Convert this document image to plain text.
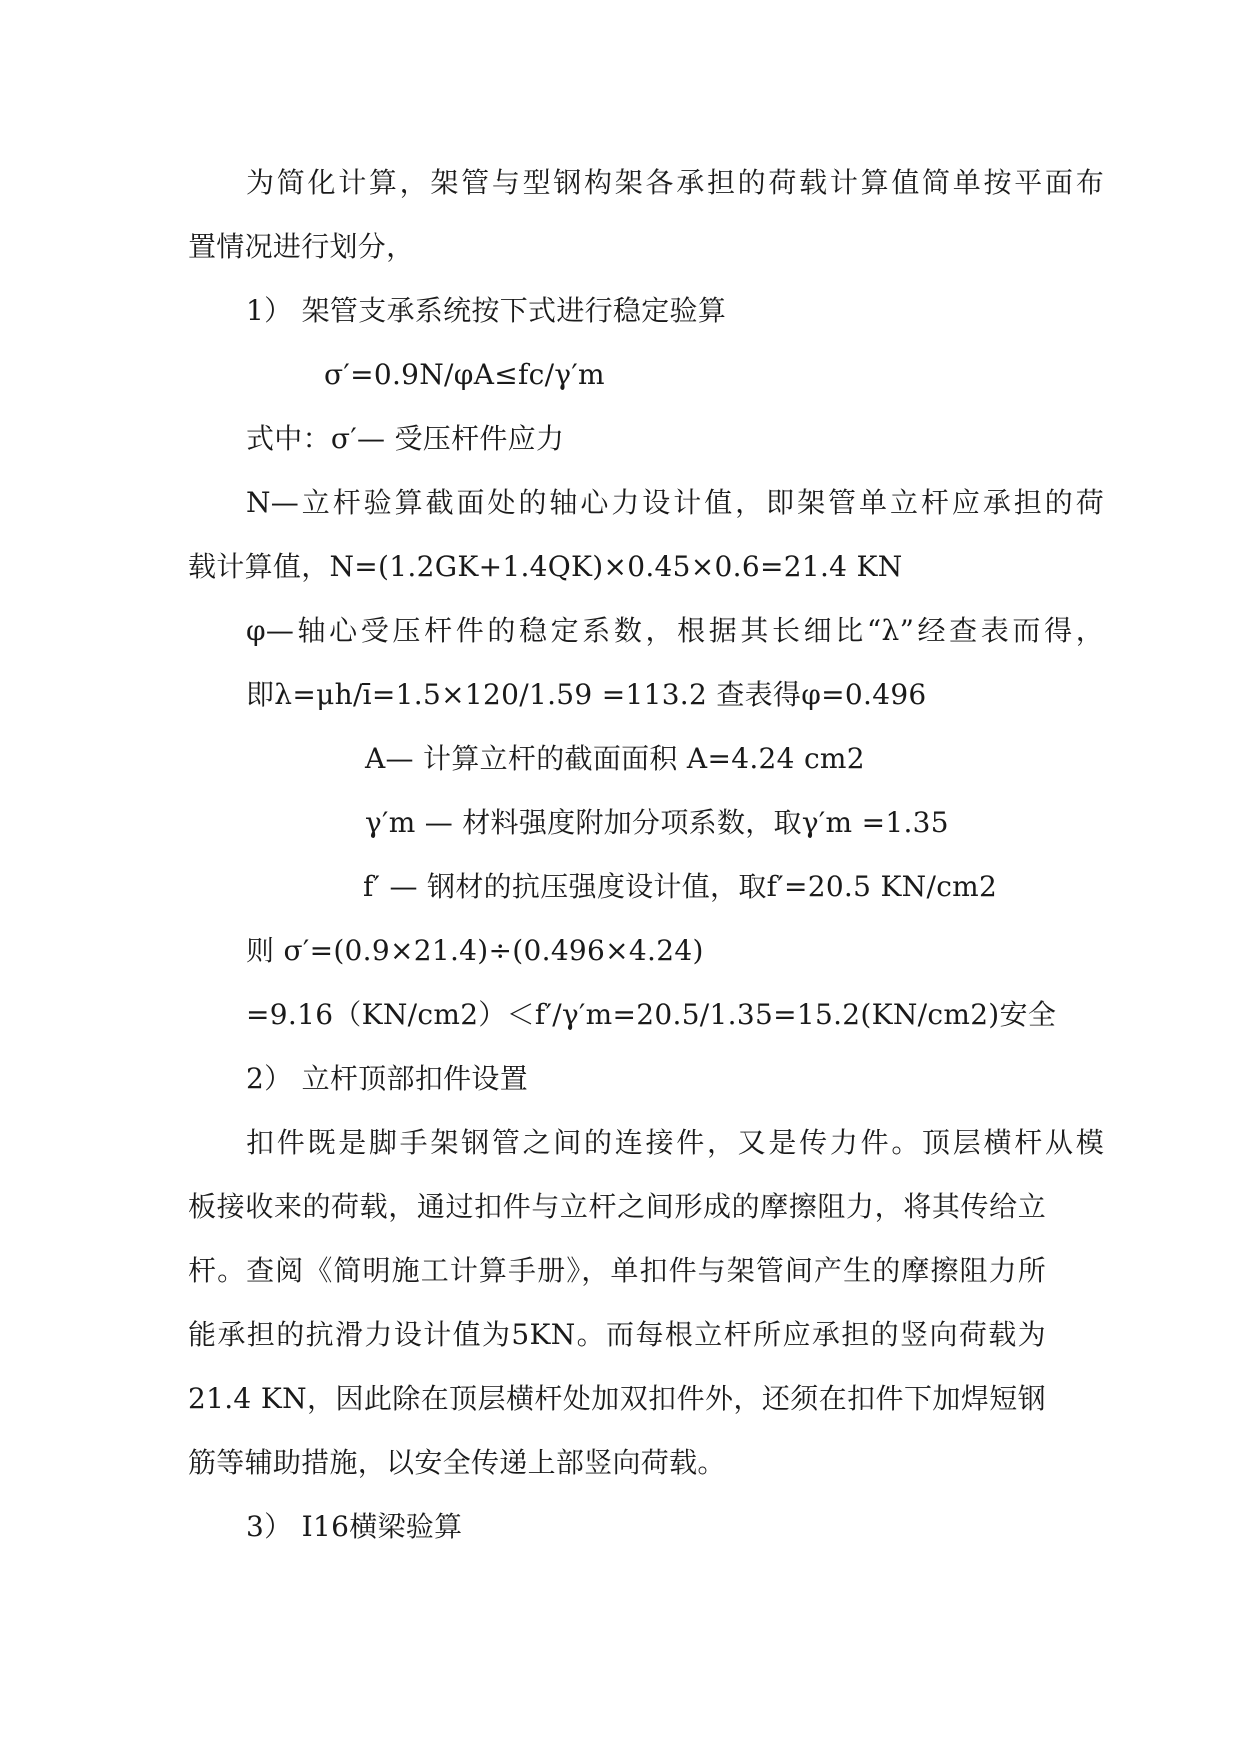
为简化计算，架管与型钢构架各承担的荷载计算值简单按平面布
置情况进行划分，
1） 架管支承系统按下式进行稳定验算
σ′=0.9Ν/φΑ≤fc/γ′m
式中：σ′— 受压杆件应力
Ν—立杆验算截面处的轴心力设计值，即架管单立杆应承担的荷
载计算值，Ν=(1.2GK+1.4QK)×0.45×0.6=21.4 KN
φ—轴心受压杆件的稳定系数，根据其长细比“λ”经查表而得，
即λ=μh/ī=1.5×120/1.59 =113.2 查表得φ=0.496
Α— 计算立杆的截面面积 Α=4.24 cm2
γ′m — 材料强度附加分项系数，取γ′m =1.35
f′ — 钢材的抗压强度设计值，取f′=20.5 KN/cm2
则 σ′=(0.9×21.4)÷(0.496×4.24)
=9.16（KN/cm2）＜f′/γ′m=20.5/1.35=15.2(KN/cm2)安全
2） 立杆顶部扣件设置
扣件既是脚手架钢管之间的连接件，又是传力件。顶层横杆从模
板接收来的荷载，通过扣件与立杆之间形成的摩擦阻力，将其传给立
杆。查阅《简明施工计算手册》，单扣件与架管间产生的摩擦阻力所
能承担的抗滑力设计值为5KN。而每根立杆所应承担的竖向荷载为
21.4 KN，因此除在顶层横杆处加双扣件外，还须在扣件下加焊短钢
筋等辅助措施，以安全传递上部竖向荷载。
3） I16横梁验算
